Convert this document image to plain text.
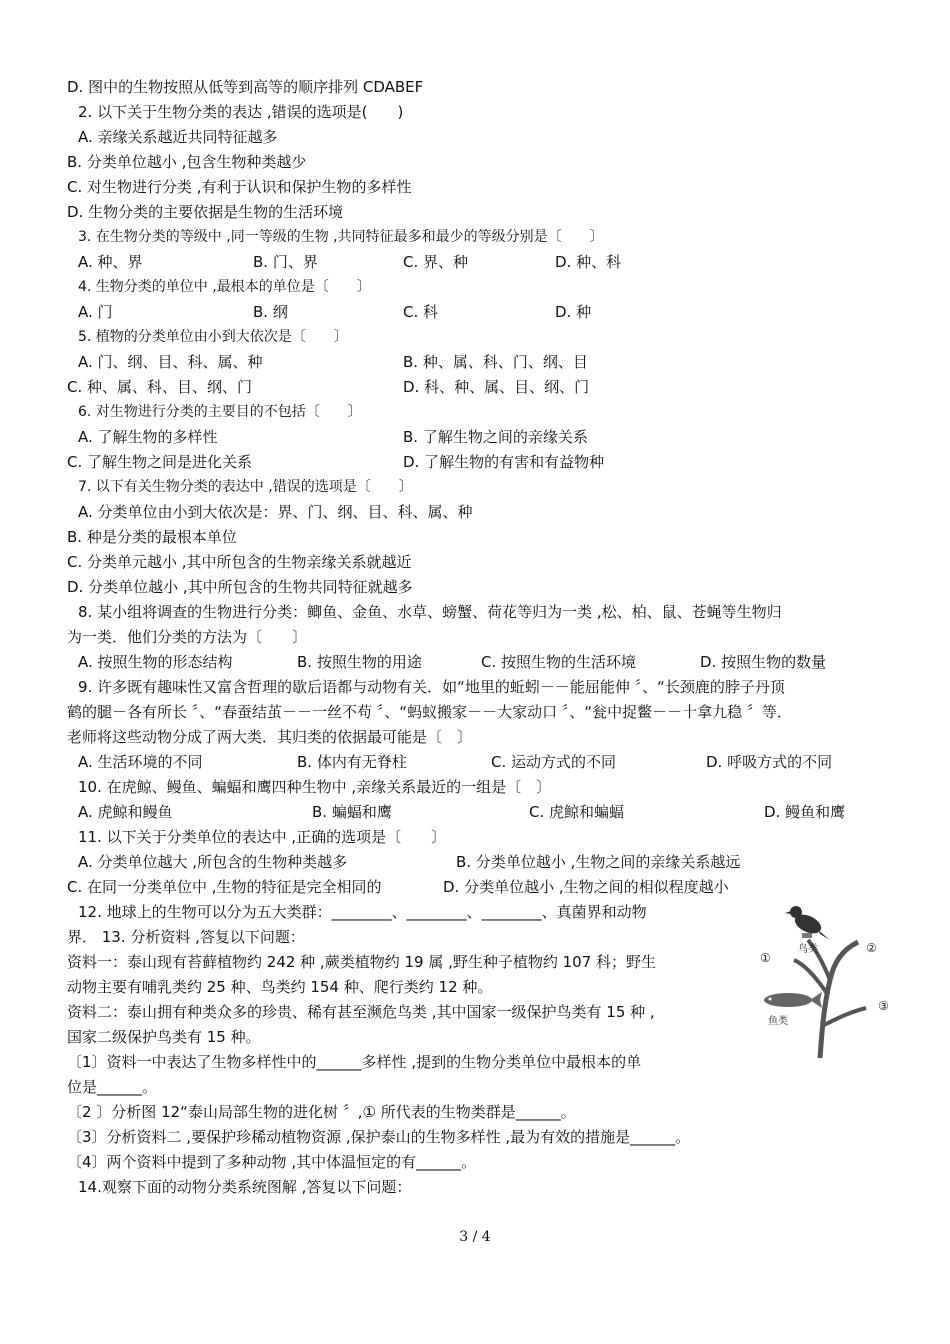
D. 图中的生物按照从低等到高等的顺序排列 CDABEF
2. 以下关于生物分类的表达 ,错误的选项是(　　)
A. 亲缘关系越近共同特征越多
B. 分类单位越小 ,包含生物种类越少
C. 对生物进行分类 ,有利于认识和保护生物的多样性
D. 生物分类的主要依据是生物的生活环境
3. 在生物分类的等级中 ,同一等级的生物 ,共同特征最多和最少的等级分别是〔　　〕
A. 种、界	B. 门、界	C. 界、种	D. 种、科
4. 生物分类的单位中 ,最根本的单位是〔　　〕
A. 门	B. 纲	C. 科	D. 种
5. 植物的分类单位由小到大依次是〔　　〕
A. 门、纲、目、科、属、种	B. 种、属、科、门、纲、目
C. 种、属、科、目、纲、门	D. 科、种、属、目、纲、门
6. 对生物进行分类的主要目的不包括〔　　〕
A. 了解生物的多样性	B. 了解生物之间的亲缘关系
C. 了解生物之间是进化关系	D. 了解生物的有害和有益物种
7. 以下有关生物分类的表达中 ,错误的选项是〔　　〕
A. 分类单位由小到大依次是：界、门、纲、目、科、属、种
B. 种是分类的最根本单位
C. 分类单元越小 ,其中所包含的生物亲缘关系就越近
D. 分类单位越小 ,其中所包含的生物共同特征就越多
8. 某小组将调查的生物进行分类：鲫鱼、金鱼、水草、螃蟹、荷花等归为一类 ,松、柏、鼠、苍蝇等生物归
为一类．他们分类的方法为〔　　〕
A. 按照生物的形态结构	B. 按照生物的用途	C. 按照生物的生活环境	D. 按照生物的数量
9. 许多既有趣味性又富含哲理的歇后语都与动物有关．如“地里的蚯蚓－－能屈能伸 〞、“长颈鹿的脖子丹顶
鹤的腿－各有所长 〞、“春蚕结茧－－一丝不苟 〞、“蚂蚁搬家－－大家动口 〞、“瓮中捉鳖－－十拿九稳 〞等．
老师将这些动物分成了两大类．其归类的依据最可能是〔　〕
A. 生活环境的不同	B. 体内有无脊柱	C. 运动方式的不同	D. 呼吸方式的不同
10. 在虎鲸、鳗鱼、蝙蝠和鹰四种生物中 ,亲缘关系最近的一组是〔　〕
A. 虎鲸和鳗鱼	B. 蝙蝠和鹰	C. 虎鲸和蝙蝠	D. 鳗鱼和鹰
11. 以下关于分类单位的表达中 ,正确的选项是〔　　〕
A. 分类单位越大 ,所包含的生物种类越多	B. 分类单位越小 ,生物之间的亲缘关系越远
C. 在同一分类单位中 ,生物的特征是完全相同的	D. 分类单位越小 ,生物之间的相似程度越小
12. 地球上的生物可以分为五大类群：________、________、________、真菌界和动物
界． 13. 分析资料 ,答复以下问题：
资料一：泰山现有苔藓植物约 242 种 ,蕨类植物约 19 属 ,野生种子植物约 107 科；野生
动物主要有哺乳类约 25 种、鸟类约 154 种、爬行类约 12 种。
资料二：泰山拥有种类众多的珍贵、稀有甚至濒危鸟类 ,其中国家一级保护鸟类有 15 种 ,
国家二级保护鸟类有 15 种。
〔1〕资料一中表达了生物多样性中的______多样性 ,提到的生物分类单位中最根本的单
位是______。
〔2 〕分析图 12“泰山局部生物的进化树 〞,① 所代表的生物类群是______。
〔3〕分析资料二 ,要保护珍稀动植物资源 ,保护泰山的生物多样性 ,最为有效的措施是______。
〔4〕两个资料中提到了多种动物 ,其中体温恒定的有______。
14.观察下面的动物分类系统图解 ,答复以下问题：
鸟类
鱼类
①
②
③
3 / 4
